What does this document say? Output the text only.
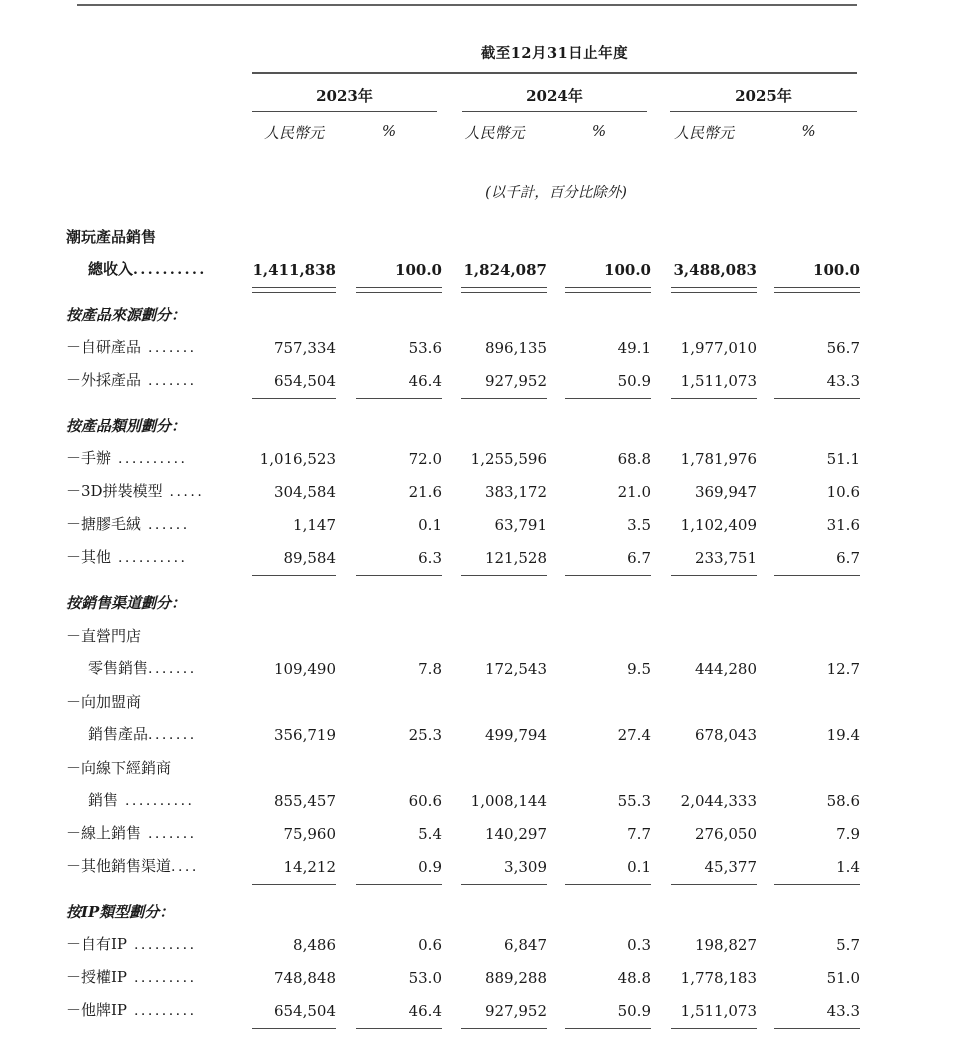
截至12月31日止年度
2023年	2024年	2025年
人民幣元	%	人民幣元	%	人民幣元	%
(以千計，百分比除外)
潮玩產品銷售
總收入..........	1,411,838	100.0	1,824,087	100.0	3,488,083	100.0
按產品來源劃分：
－自研產品 .......	757,334	53.6	896,135	49.1	1,977,010	56.7
－外採產品 .......	654,504	46.4	927,952	50.9	1,511,073	43.3
按產品類別劃分：
－手辦 ..........	1,016,523	72.0	1,255,596	68.8	1,781,976	51.1
－3D拼裝模型 .....	304,584	21.6	383,172	21.0	369,947	10.6
－搪膠毛絨 ......	1,147	0.1	63,791	3.5	1,102,409	31.6
－其他 ..........	89,584	6.3	121,528	6.7	233,751	6.7
按銷售渠道劃分：
－直營門店
零售銷售.......	109,490	7.8	172,543	9.5	444,280	12.7
－向加盟商
銷售產品.......	356,719	25.3	499,794	27.4	678,043	19.4
－向線下經銷商
銷售 ..........	855,457	60.6	1,008,144	55.3	2,044,333	58.6
－線上銷售 .......	75,960	5.4	140,297	7.7	276,050	7.9
－其他銷售渠道....	14,212	0.9	3,309	0.1	45,377	1.4
按IP類型劃分：
－自有IP .........	8,486	0.6	6,847	0.3	198,827	5.7
－授權IP .........	748,848	53.0	889,288	48.8	1,778,183	51.0
－他牌IP .........	654,504	46.4	927,952	50.9	1,511,073	43.3
